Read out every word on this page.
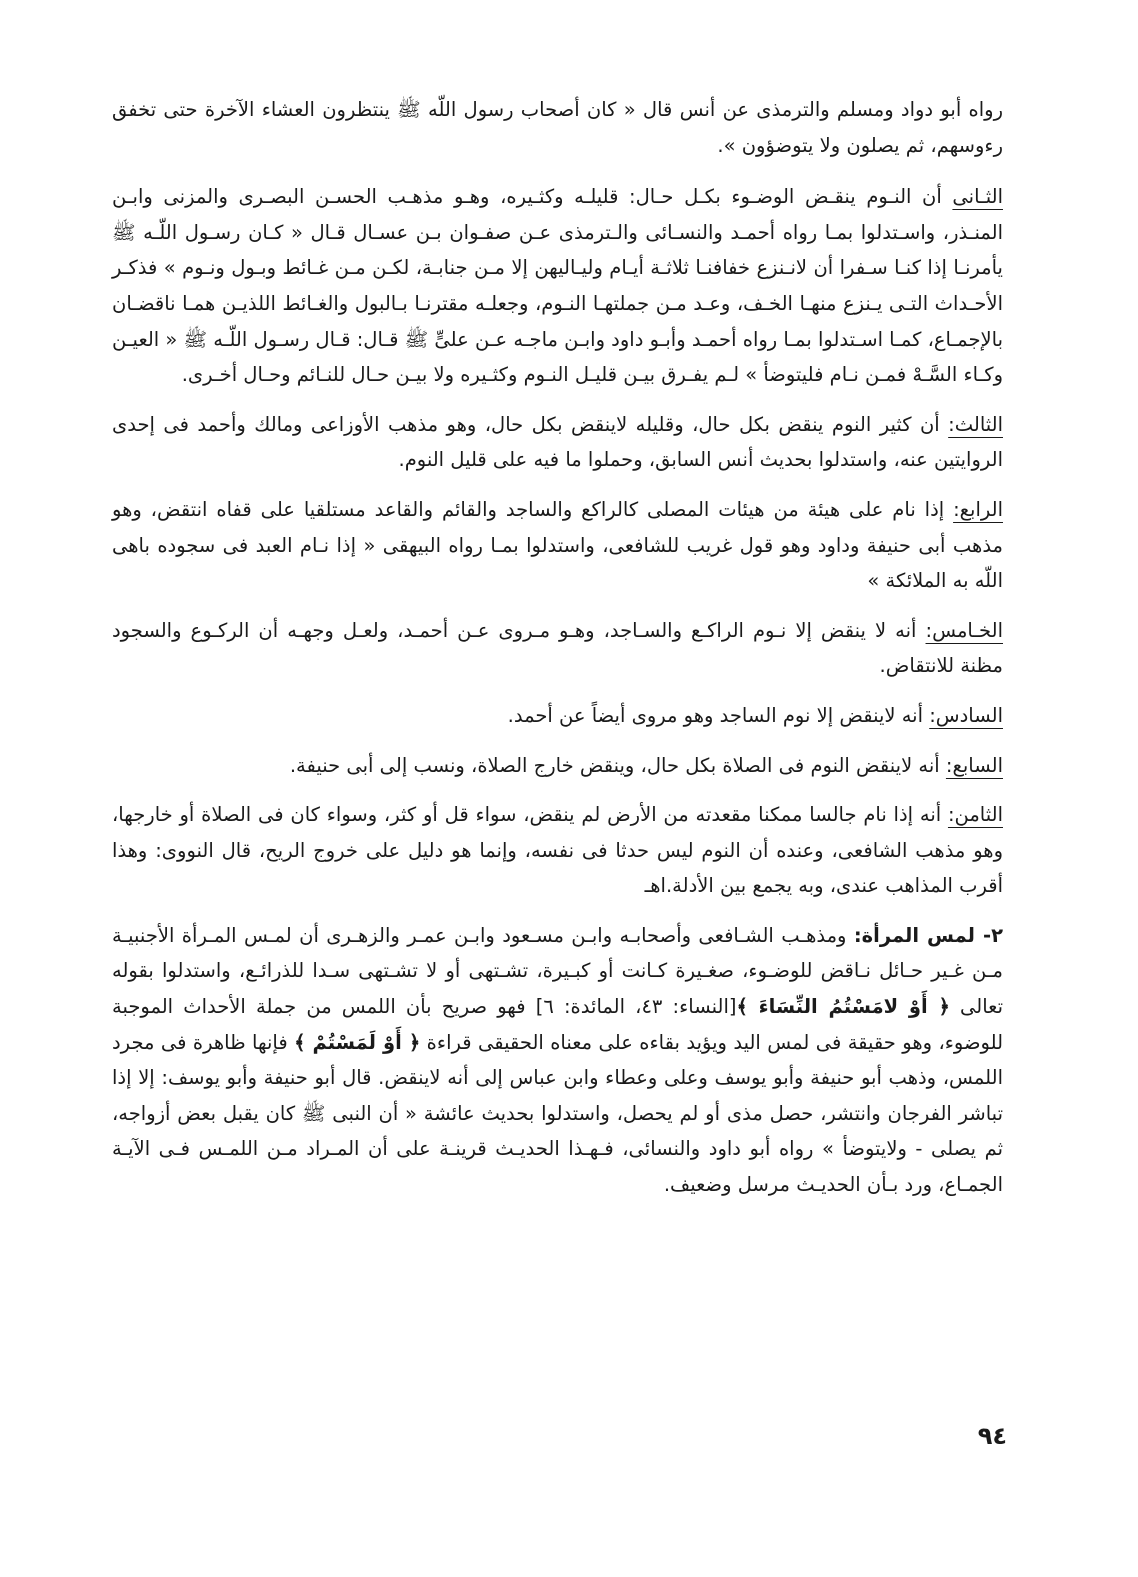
رواه أبو دواد ومسلم والترمذى عن أنس قال « كان أصحاب رسول اللّه ﷺ ينتظرون العشاء الآخرة حتى تخفق رءوسهم، ثم يصلون ولا يتوضؤون ».

الثـانى أن النـوم ينقـض الوضـوء بكـل حـال: قليلـه وكثـيره، وهـو مذهـب الحسـن البصـرى والمزنى وابـن المنـذر، واسـتدلوا بمـا رواه أحمـد والنسـائى والـترمذى عـن صفـوان بـن عسـال قـال « كـان رسـول اللّـه ﷺ يأمرنـا إذا كنـا سـفرا أن لانـنزع خفافنـا ثلاثـة أيـام وليـاليهن إلا مـن جنابـة، لكـن مـن غـائط وبـول ونـوم » فذكـر الأحـداث التـى يـنزع منهـا الخـف، وعـد مـن جملتهـا النـوم، وجعلـه مقترنـا بـالبول والغـائط اللذيـن همـا ناقضـان بالإجمـاع، كمـا اسـتدلوا بمـا رواه أحمـد وأبـو داود وابـن ماجـه عـن علىٍّ ﷺ قـال: قـال رسـول اللّـه ﷺ « العيـن وكـاء السَّـهْ فمـن نـام فليتوضأ » لـم يفـرق بيـن قليـل النـوم وكثـيره ولا بيـن حـال للنـائم وحـال أخـرى.

الثالث: أن كثير النوم ينقض بكل حال، وقليله لاينقض بكل حال، وهو مذهب الأوزاعى ومالك وأحمد فى إحدى الروايتين عنه، واستدلوا بحديث أنس السابق، وحملوا ما فيه على قليل النوم.

الرابع: إذا نام على هيئة من هيئات المصلى كالراكع والساجد والقائم والقاعد مستلقيا على قفاه انتقض، وهو مذهب أبى حنيفة وداود وهو قول غريب للشافعى، واستدلوا بمـا رواه البيهقى « إذا نـام العبد فى سجوده باهى اللّه به الملائكة »

الخـامس: أنه لا ينقض إلا نـوم الراكـع والسـاجد، وهـو مـروى عـن أحمـد، ولعـل وجهـه أن الركـوع والسجود مظنة للانتقاض.

السادس: أنه لاينقض إلا نوم الساجد وهو مروى أيضاً عن أحمد.

السابع: أنه لاينقض النوم فى الصلاة بكل حال، وينقض خارج الصلاة، ونسب إلى أبى حنيفة.

الثامن: أنه إذا نام جالسا ممكنا مقعدته من الأرض لم ينقض، سواء قل أو كثر، وسواء كان فى الصلاة أو خارجها، وهو مذهب الشافعى، وعنده أن النوم ليس حدثا فى نفسه، وإنما هو دليل على خروج الريح، قال النووى: وهذا أقرب المذاهب عندى، وبه يجمع بين الأدلة.اهـ

٢- لمس المرأة: ومذهـب الشـافعى وأصحابـه وابـن مسـعود وابـن عمـر والزهـرى أن لمـس المـرأة الأجنبيـة مـن غـير حـائل نـاقض للوضـوء، صغـيرة كـانت أو كبـيرة، تشـتهى أو لا تشـتهى سـدا للذرائـع، واستدلوا بقوله تعالى ﴿ أَوْ لامَسْتُمُ النِّسَاءَ ﴾[النساء: ٤٣، المائدة: ٦] فهو صريح بأن اللمس من جملة الأحداث الموجبة للوضوء، وهو حقيقة فى لمس اليد ويؤيد بقاءه على معناه الحقيقى قراءة ﴿ أَوْ لَمَسْتُمْ ﴾ فإنها ظاهرة فى مجرد اللمس، وذهب أبو حنيفة وأبو يوسف وعلى وعطاء وابن عباس إلى أنه لاينقض. قال أبو حنيفة وأبو يوسف: إلا إذا تباشر الفرجان وانتشر، حصل مذى أو لم يحصل، واستدلوا بحديث عائشة « أن النبى ﷺ كان يقبل بعض أزواجه، ثم يصلى - ولايتوضأ » رواه أبو داود والنسائى، فـهـذا الحديـث قرينـة على أن المـراد مـن اللمـس فـى الآيـة الجمـاع، ورد بـأن الحديـث مرسل وضعيف.

٩٤
